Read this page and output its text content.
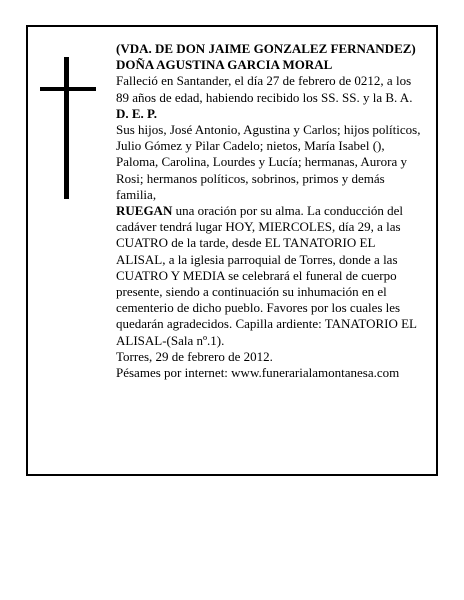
(VDA. DE DON JAIME GONZALEZ FERNANDEZ)

DOÑA AGUSTINA GARCIA MORAL

Falleció en Santander, el día 27 de febrero de 0212, a los 89 años de edad, habiendo recibido los SS. SS. y la B. A.

D. E. P.

Sus hijos, José Antonio, Agustina y Carlos; hijos políticos, Julio Gómez y Pilar Cadelo; nietos, María Isabel (), Paloma, Carolina, Lourdes y Lucía; hermanas, Aurora y Rosi; hermanos políticos, sobrinos, primos y demás familia,

RUEGAN una oración por su alma. La conducción del cadáver tendrá lugar HOY, MIERCOLES, día 29, a las CUATRO de la tarde, desde EL TANATORIO EL ALISAL, a la iglesia parroquial de Torres, donde a las CUATRO Y MEDIA se celebrará el funeral de cuerpo presente, siendo a continuación su inhumación en el cementerio de dicho pueblo. Favores por los cuales les quedarán agradecidos. Capilla ardiente: TANATORIO EL ALISAL-(Sala nº.1).

Torres, 29 de febrero de 2012.

Pésames por internet: www.funerarialamontanesa.com
